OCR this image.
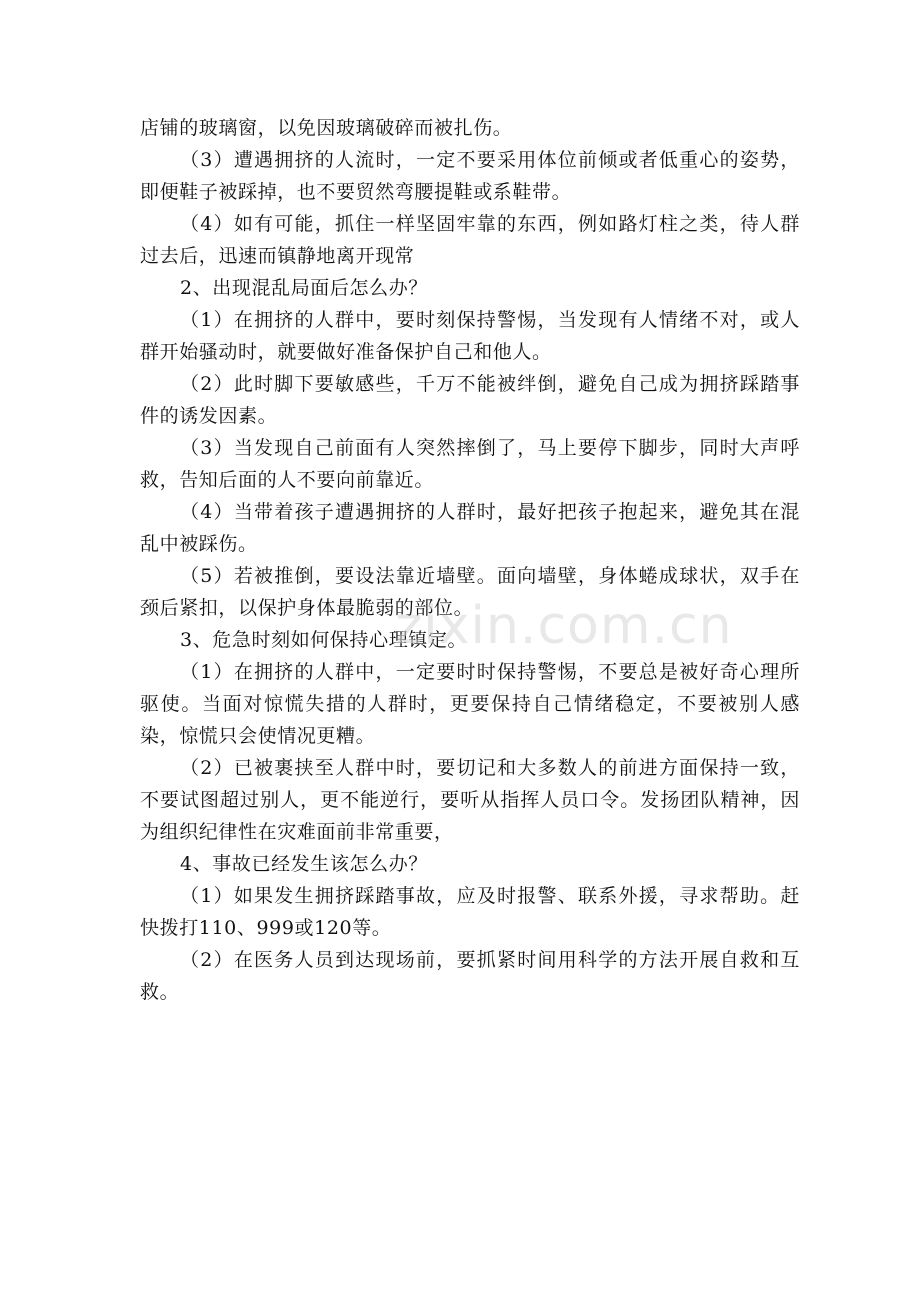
店铺的玻璃窗，以免因玻璃破碎而被扎伤。

（3）遭遇拥挤的人流时，一定不要采用体位前倾或者低重心的姿势，即便鞋子被踩掉，也不要贸然弯腰提鞋或系鞋带。

（4）如有可能，抓住一样坚固牢靠的东西，例如路灯柱之类，待人群过去后，迅速而镇静地离开现常

2、出现混乱局面后怎么办？

（1）在拥挤的人群中，要时刻保持警惕，当发现有人情绪不对，或人群开始骚动时，就要做好准备保护自己和他人。

（2）此时脚下要敏感些，千万不能被绊倒，避免自己成为拥挤踩踏事件的诱发因素。

（3）当发现自己前面有人突然摔倒了，马上要停下脚步，同时大声呼救，告知后面的人不要向前靠近。

（4）当带着孩子遭遇拥挤的人群时，最好把孩子抱起来，避免其在混乱中被踩伤。

（5）若被推倒，要设法靠近墙壁。面向墙壁，身体蜷成球状，双手在颈后紧扣，以保护身体最脆弱的部位。

3、危急时刻如何保持心理镇定。

（1）在拥挤的人群中，一定要时时保持警惕，不要总是被好奇心理所驱使。当面对惊慌失措的人群时，更要保持自己情绪稳定，不要被别人感染，惊慌只会使情况更糟。

（2）已被裹挟至人群中时，要切记和大多数人的前进方面保持一致，不要试图超过别人，更不能逆行，要听从指挥人员口令。发扬团队精神，因为组织纪律性在灾难面前非常重要，

4、事故已经发生该怎么办？

（1）如果发生拥挤踩踏事故，应及时报警、联系外援，寻求帮助。赶快拨打110、999或120等。

（2）在医务人员到达现场前，要抓紧时间用科学的方法开展自救和互救。

zixin.com.cn
